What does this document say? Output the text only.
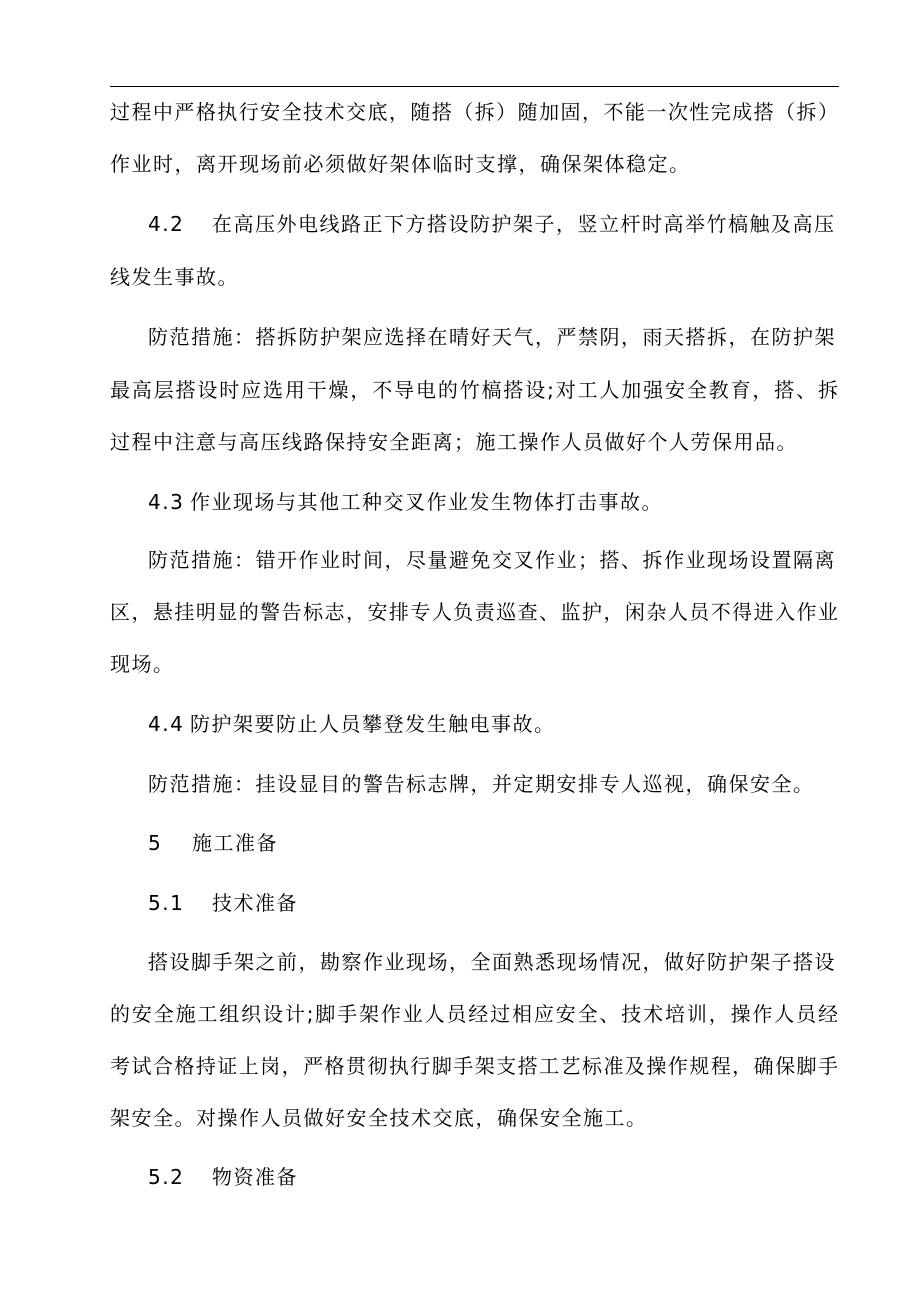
过程中严格执行安全技术交底，随搭（拆）随加固，不能一次性完成搭（拆）
作业时，离开现场前必须做好架体临时支撑，确保架体稳定。
4.2 在高压外电线路正下方搭设防护架子，竖立杆时高举竹槁触及高压
线发生事故。
防范措施：搭拆防护架应选择在晴好天气，严禁阴，雨天搭拆，在防护架
最高层搭设时应选用干燥，不导电的竹槁搭设;对工人加强安全教育，搭、拆
过程中注意与高压线路保持安全距离；施工操作人员做好个人劳保用品。
4.3 作业现场与其他工种交叉作业发生物体打击事故。
防范措施：错开作业时间，尽量避免交叉作业；搭、拆作业现场设置隔离
区，悬挂明显的警告标志，安排专人负责巡查、监护，闲杂人员不得进入作业
现场。
4.4 防护架要防止人员攀登发生触电事故。
防范措施：挂设显目的警告标志牌，并定期安排专人巡视，确保安全。
5 施工准备
5.1 技术准备
搭设脚手架之前，勘察作业现场，全面熟悉现场情况，做好防护架子搭设
的安全施工组织设计;脚手架作业人员经过相应安全、技术培训，操作人员经
考试合格持证上岗，严格贯彻执行脚手架支搭工艺标准及操作规程，确保脚手
架安全。对操作人员做好安全技术交底，确保安全施工。
5.2 物资准备
